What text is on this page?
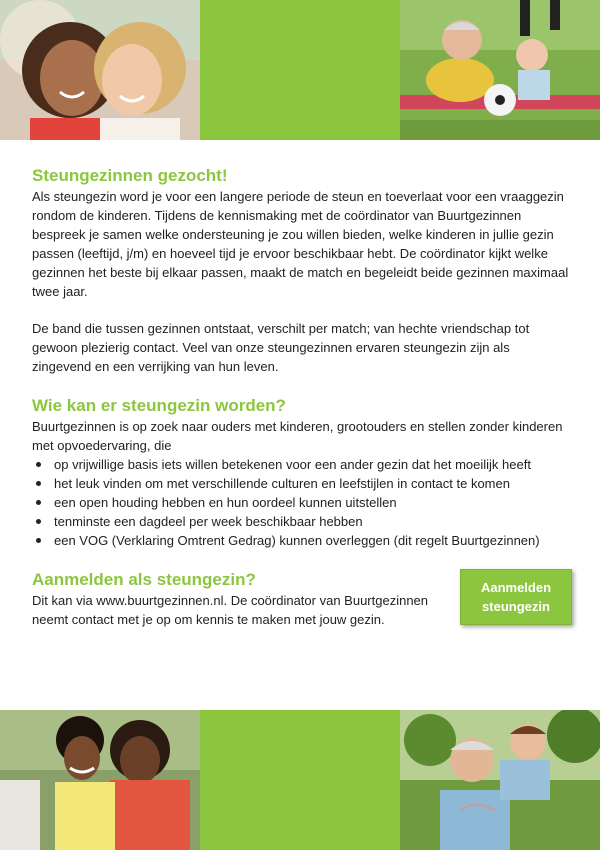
Steungezinnen gezocht!

Als steungezin word je voor een langere periode de steun en toeverlaat voor een vraaggezin rondom de kinderen. Tijdens de kennismaking met de coördinator van Buurtgezinnen bespreek je samen welke ondersteuning je zou willen bieden, welke kinderen in jullie gezin passen (leeftijd, j/m) en hoeveel tijd je ervoor beschikbaar hebt. De coördinator kijkt welke gezinnen het beste bij elkaar passen, maakt de match en begeleidt beide gezinnen maximaal twee jaar.

De band die tussen gezinnen ontstaat, verschilt per match; van hechte vriendschap tot gewoon plezierig contact. Veel van onze steungezinnen ervaren steungezin zijn als zingevend en een verrijking van hun leven.

Wie kan er steungezin worden?

Buurtgezinnen is op zoek naar ouders met kinderen, grootouders en stellen zonder kinderen met opvoedervaring, die

op vrijwillige basis iets willen betekenen voor een ander gezin dat het moeilijk heeft
het leuk vinden om met verschillende culturen en leefstijlen in contact te komen
een open houding hebben en hun oordeel kunnen uitstellen
tenminste een dagdeel per week beschikbaar hebben
een VOG (Verklaring Omtrent Gedrag) kunnen overleggen (dit regelt Buurtgezinnen)
Aanmelden als steungezin?

Dit kan via www.buurtgezinnen.nl. De coördinator van Buurtgezinnen neemt contact met je op om kennis te maken met jouw gezin.

Aanmelden steungezin
